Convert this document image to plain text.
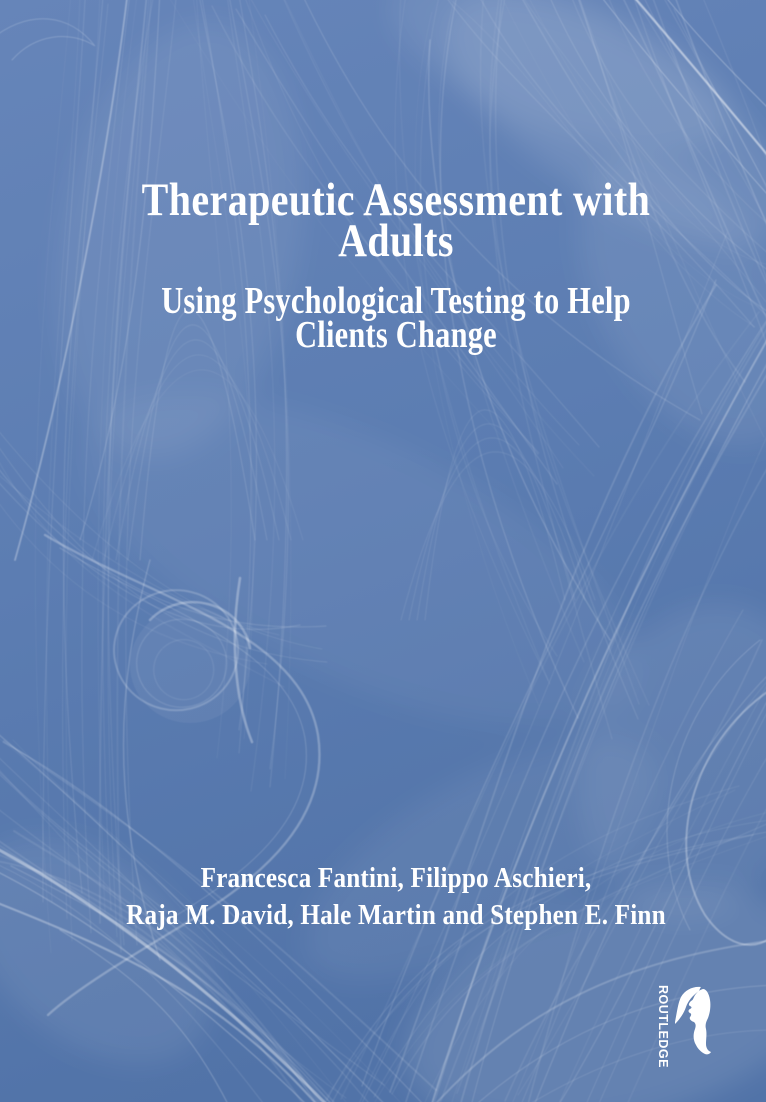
Therapeutic Assessment with
Adults
Using Psychological Testing to Help
Clients Change
Francesca Fantini, Filippo Aschieri,
Raja M. David, Hale Martin and Stephen E. Finn
ROUTLEDGE
